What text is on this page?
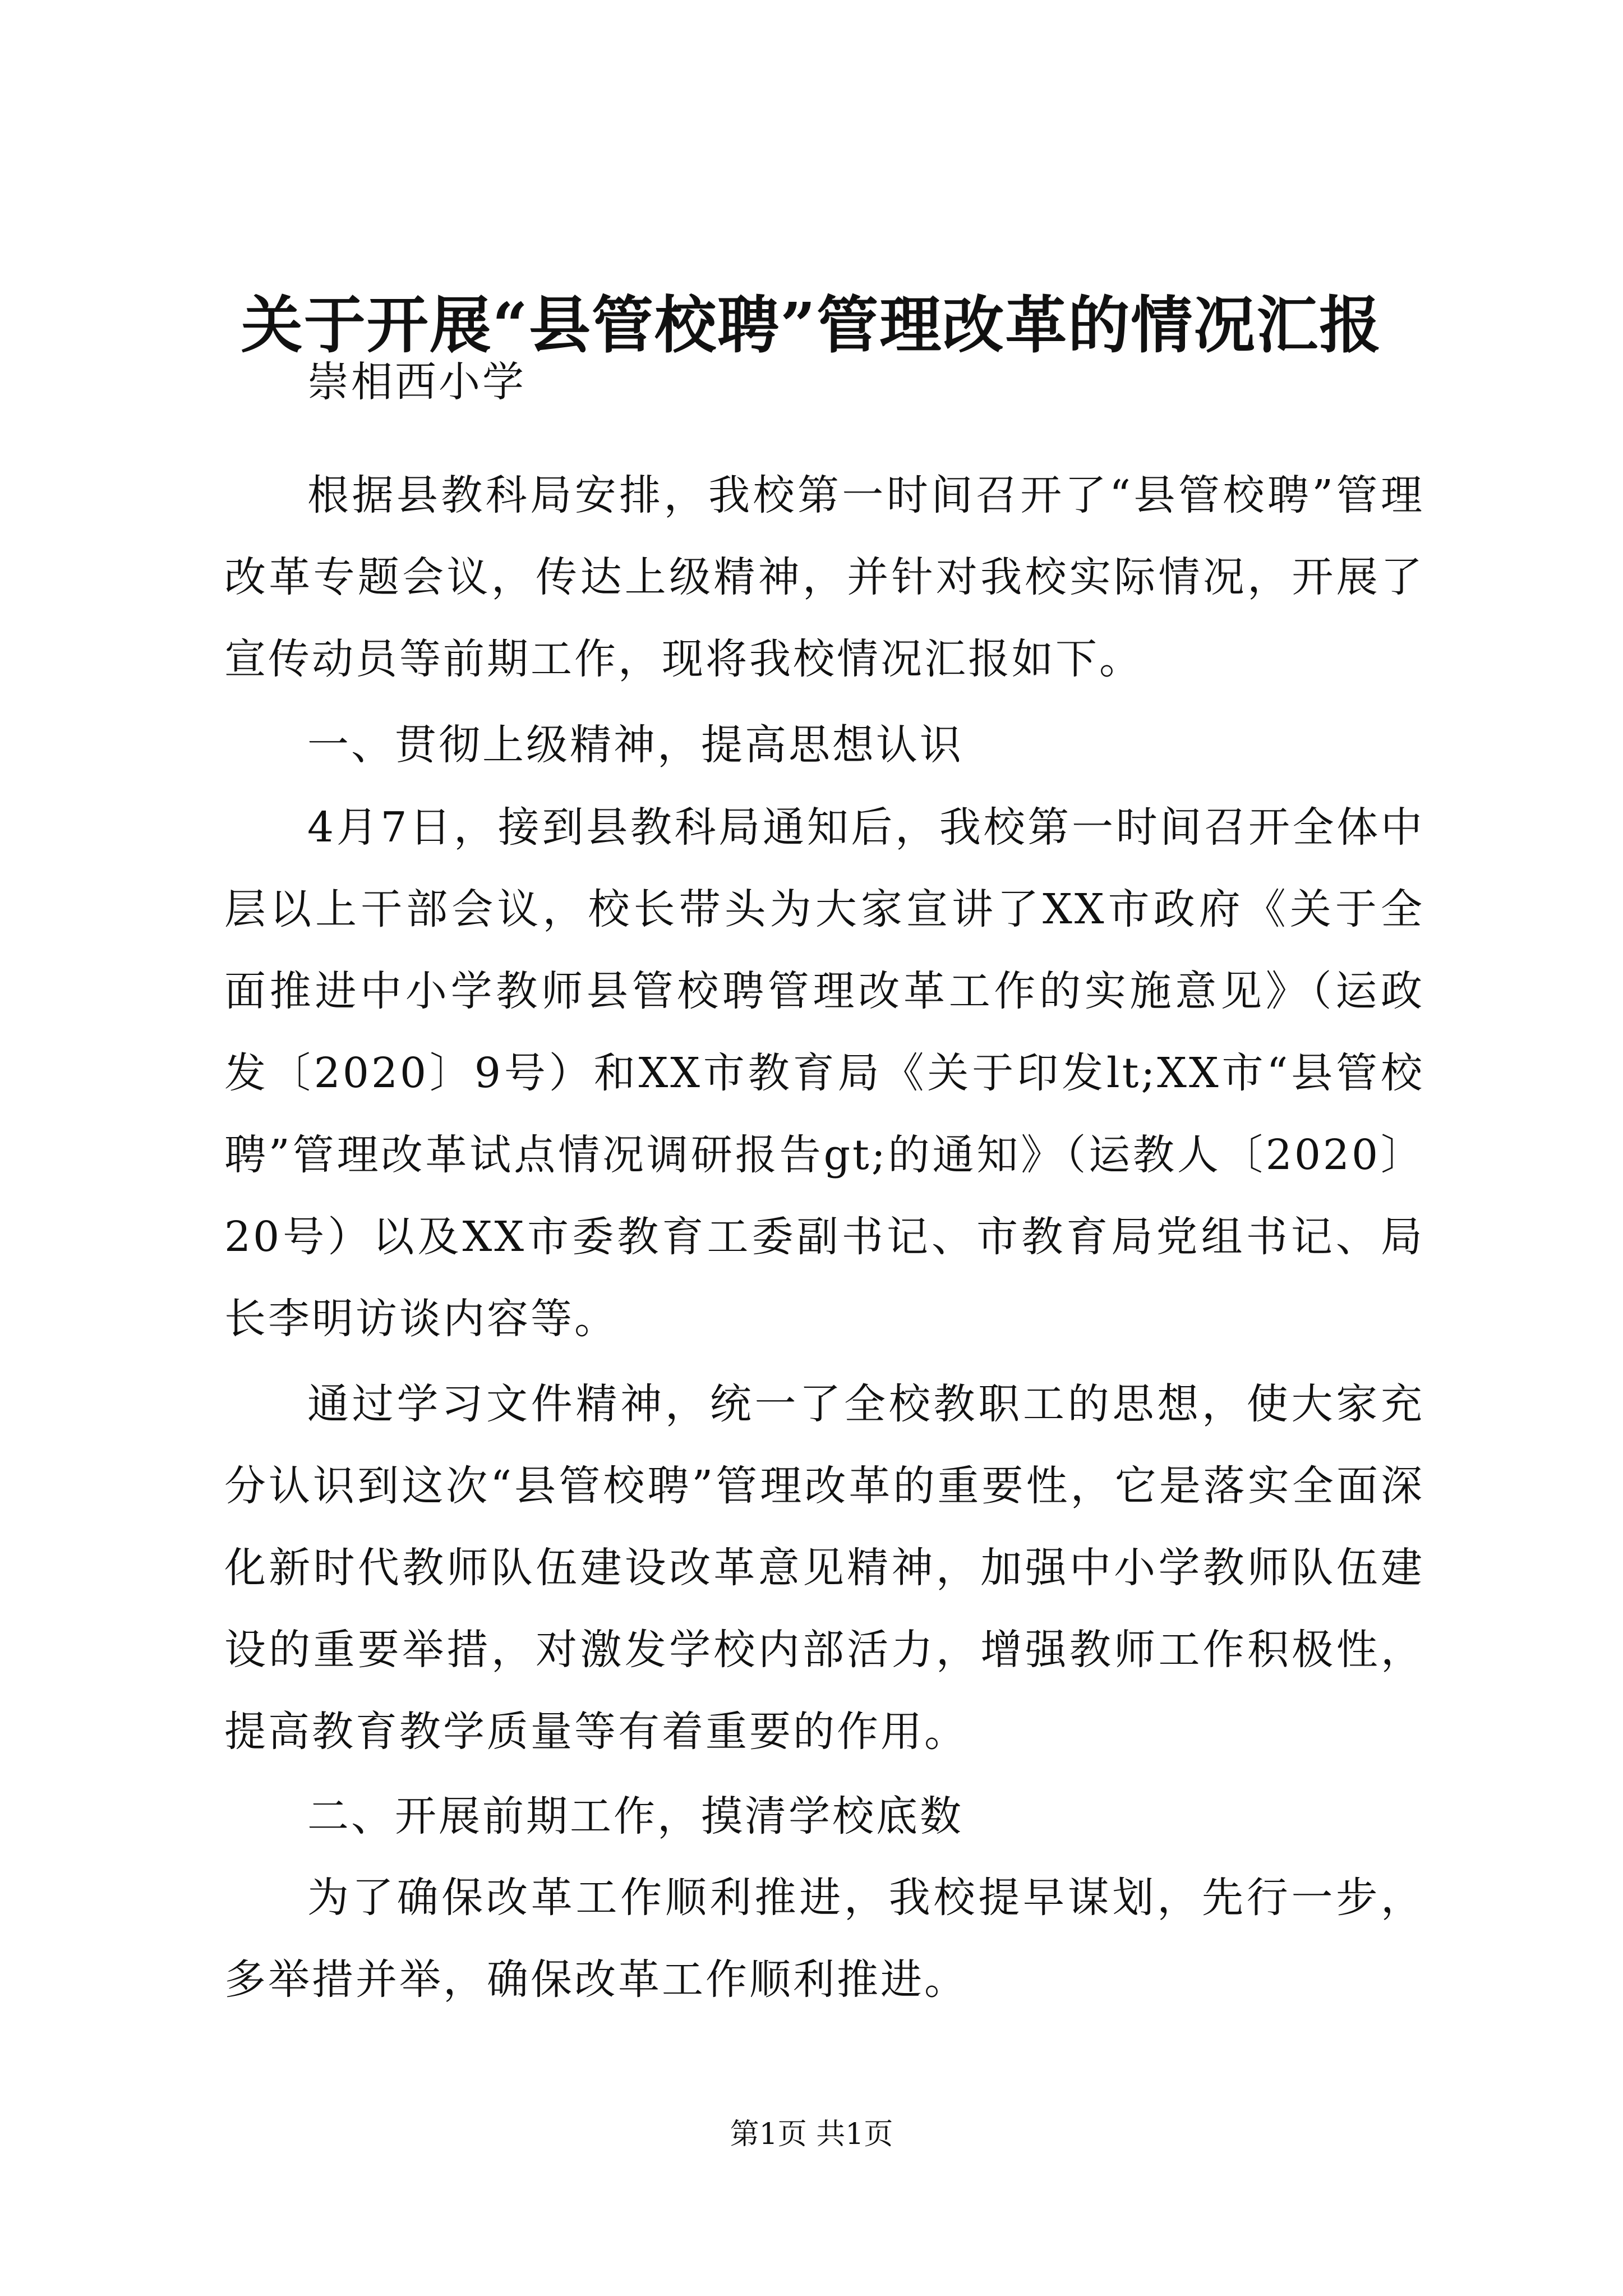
关于开展“县管校聘”管理改革的情况汇报

崇相西小学

根据县教科局安排，我校第一时间召开了“县管校聘”管理改革专题会议，传达上级精神，并针对我校实际情况，开展了宣传动员等前期工作，现将我校情况汇报如下。

一、贯彻上级精神，提高思想认识

4月7日，接到县教科局通知后，我校第一时间召开全体中层以上干部会议，校长带头为大家宣讲了XX市政府《关于全面推进中小学教师县管校聘管理改革工作的实施意见》（运政发〔2020〕9号）和XX市教育局《关于印发lt;XX市“县管校聘”管理改革试点情况调研报告gt;的通知》（运教人〔2020〕20号）以及XX市委教育工委副书记、市教育局党组书记、局长李明访谈内容等。

通过学习文件精神，统一了全校教职工的思想，使大家充分认识到这次“县管校聘”管理改革的重要性，它是落实全面深化新时代教师队伍建设改革意见精神，加强中小学教师队伍建设的重要举措，对激发学校内部活力，增强教师工作积极性，提高教育教学质量等有着重要的作用。

二、开展前期工作，摸清学校底数

为了确保改革工作顺利推进，我校提早谋划，先行一步，多举措并举，确保改革工作顺利推进。

第1页 共1页
